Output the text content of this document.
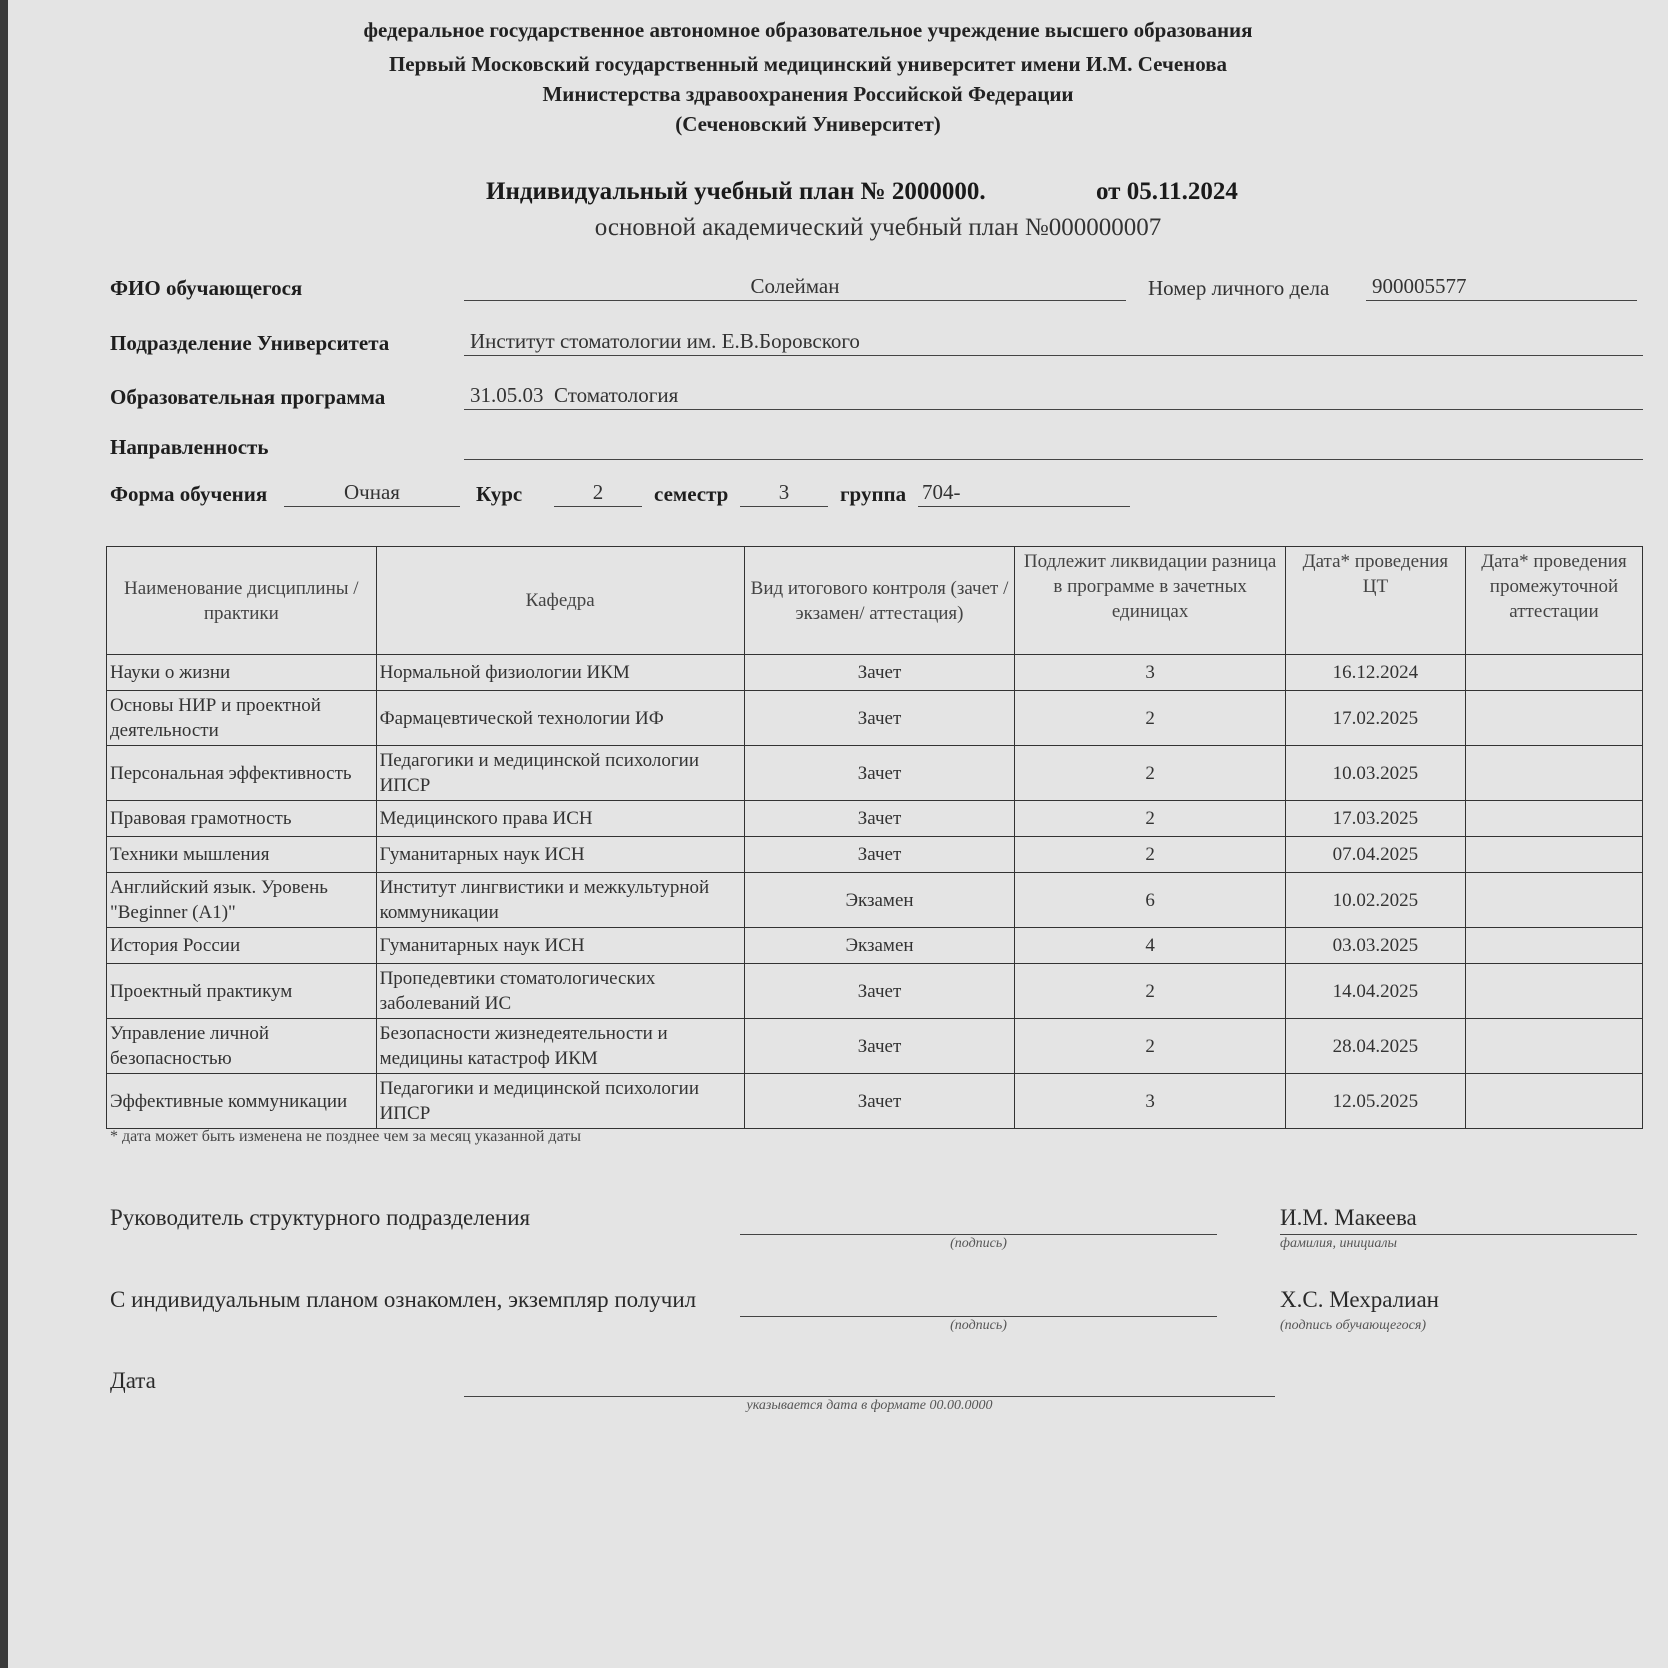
федеральное государственное автономное образовательное учреждение высшего образования
Первый Московский государственный медицинский университет имени И.М. Сеченова
Министерства здравоохранения Российской Федерации
(Сеченовский Университет)
Индивидуальный учебный план № 2000000.	от 05.11.2024
основной академический учебный план №000000007
ФИО обучающегося	Солейман	Номер личного дела 900005577
Подразделение Университета	Институт стоматологии им. Е.В.Боровского
Образовательная программа	31.05.03  Стоматология
Направленность
Форма обучения	Очная	Курс	2	семестр	3	группа 704-
Наименование дисциплины / практики	Кафедра	Вид итогового контроля (зачет / экзамен/ аттестация)	Подлежит ликвидации разница в программе в зачетных единицах	Дата* проведения ЦТ	Дата* проведения промежуточной аттестации
Науки о жизни	Нормальной физиологии ИКМ	Зачет	3	16.12.2024	
Основы НИР и проектной деятельности	Фармацевтической технологии ИФ	Зачет	2	17.02.2025	
Персональная эффективность	Педагогики и медицинской психологии ИПСР	Зачет	2	10.03.2025	
Правовая грамотность	Медицинского права ИСН	Зачет	2	17.03.2025	
Техники мышления	Гуманитарных наук ИСН	Зачет	2	07.04.2025	
Английский язык. Уровень "Beginner (A1)"	Институт лингвистики и межкультурной коммуникации	Экзамен	6	10.02.2025	
История России	Гуманитарных наук ИСН	Экзамен	4	03.03.2025	
Проектный практикум	Пропедевтики стоматологических заболеваний ИС	Зачет	2	14.04.2025	
Управление личной безопасностью	Безопасности жизнедеятельности и медицины катастроф ИКМ	Зачет	2	28.04.2025	
Эффективные коммуникации	Педагогики и медицинской психологии ИПСР	Зачет	3	12.05.2025	
* дата может быть изменена не позднее чем за месяц указанной даты
Руководитель структурного подразделения
(подпись)
И.М. Макеева
фамилия, инициалы
С индивидуальным планом ознакомлен, экземпляр получил
(подпись)
Х.С. Мехралиан
(подпись обучающегося)
Дата
указывается дата в формате 00.00.0000
